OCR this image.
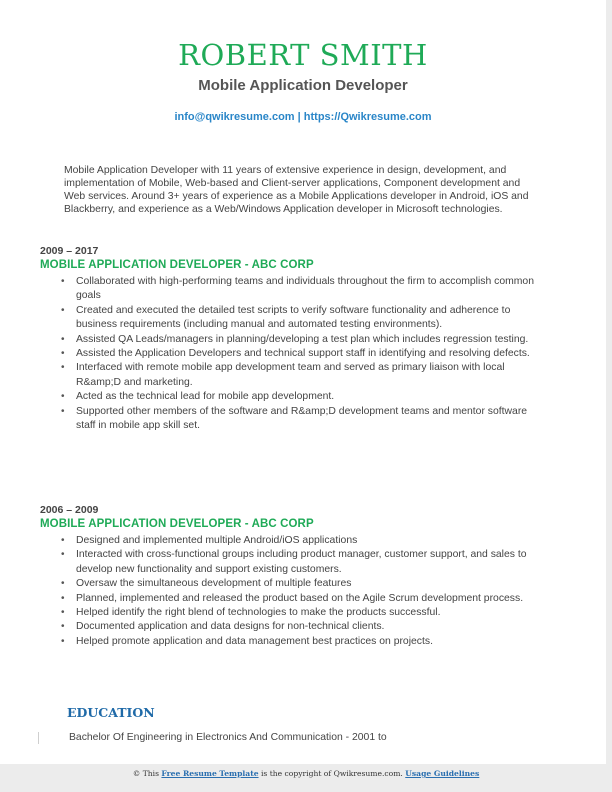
ROBERT SMITH
Mobile Application Developer
info@qwikresume.com | https://Qwikresume.com
Mobile Application Developer with 11 years of extensive experience in design, development, and implementation of Mobile, Web-based and Client-server applications, Component development and Web services. Around 3+ years of experience as a Mobile Applications developer in Android, iOS and Blackberry, and experience as a Web/Windows Application developer in Microsoft technologies.
2009 – 2017
MOBILE APPLICATION DEVELOPER - ABC CORP
• Collaborated with high-performing teams and individuals throughout the firm to accomplish common goals
• Created and executed the detailed test scripts to verify software functionality and adherence to business requirements (including manual and automated testing environments).
• Assisted QA Leads/managers in planning/developing a test plan which includes regression testing.
• Assisted the Application Developers and technical support staff in identifying and resolving defects.
• Interfaced with remote mobile app development team and served as primary liaison with local R&amp;D and marketing.
• Acted as the technical lead for mobile app development.
• Supported other members of the software and R&amp;D development teams and mentor software staff in mobile app skill set.
2006 – 2009
MOBILE APPLICATION DEVELOPER - ABC CORP
• Designed and implemented multiple Android/iOS applications
• Interacted with cross-functional groups including product manager, customer support, and sales to develop new functionality and support existing customers.
• Oversaw the simultaneous development of multiple features
• Planned, implemented and released the product based on the Agile Scrum development process.
• Helped identify the right blend of technologies to make the products successful.
• Documented application and data designs for non-technical clients.
• Helped promote application and data management best practices on projects.
EDUCATION
Bachelor Of Engineering in Electronics And Communication - 2001 to
© This Free Resume Template is the copyright of Qwikresume.com. Usage Guidelines
